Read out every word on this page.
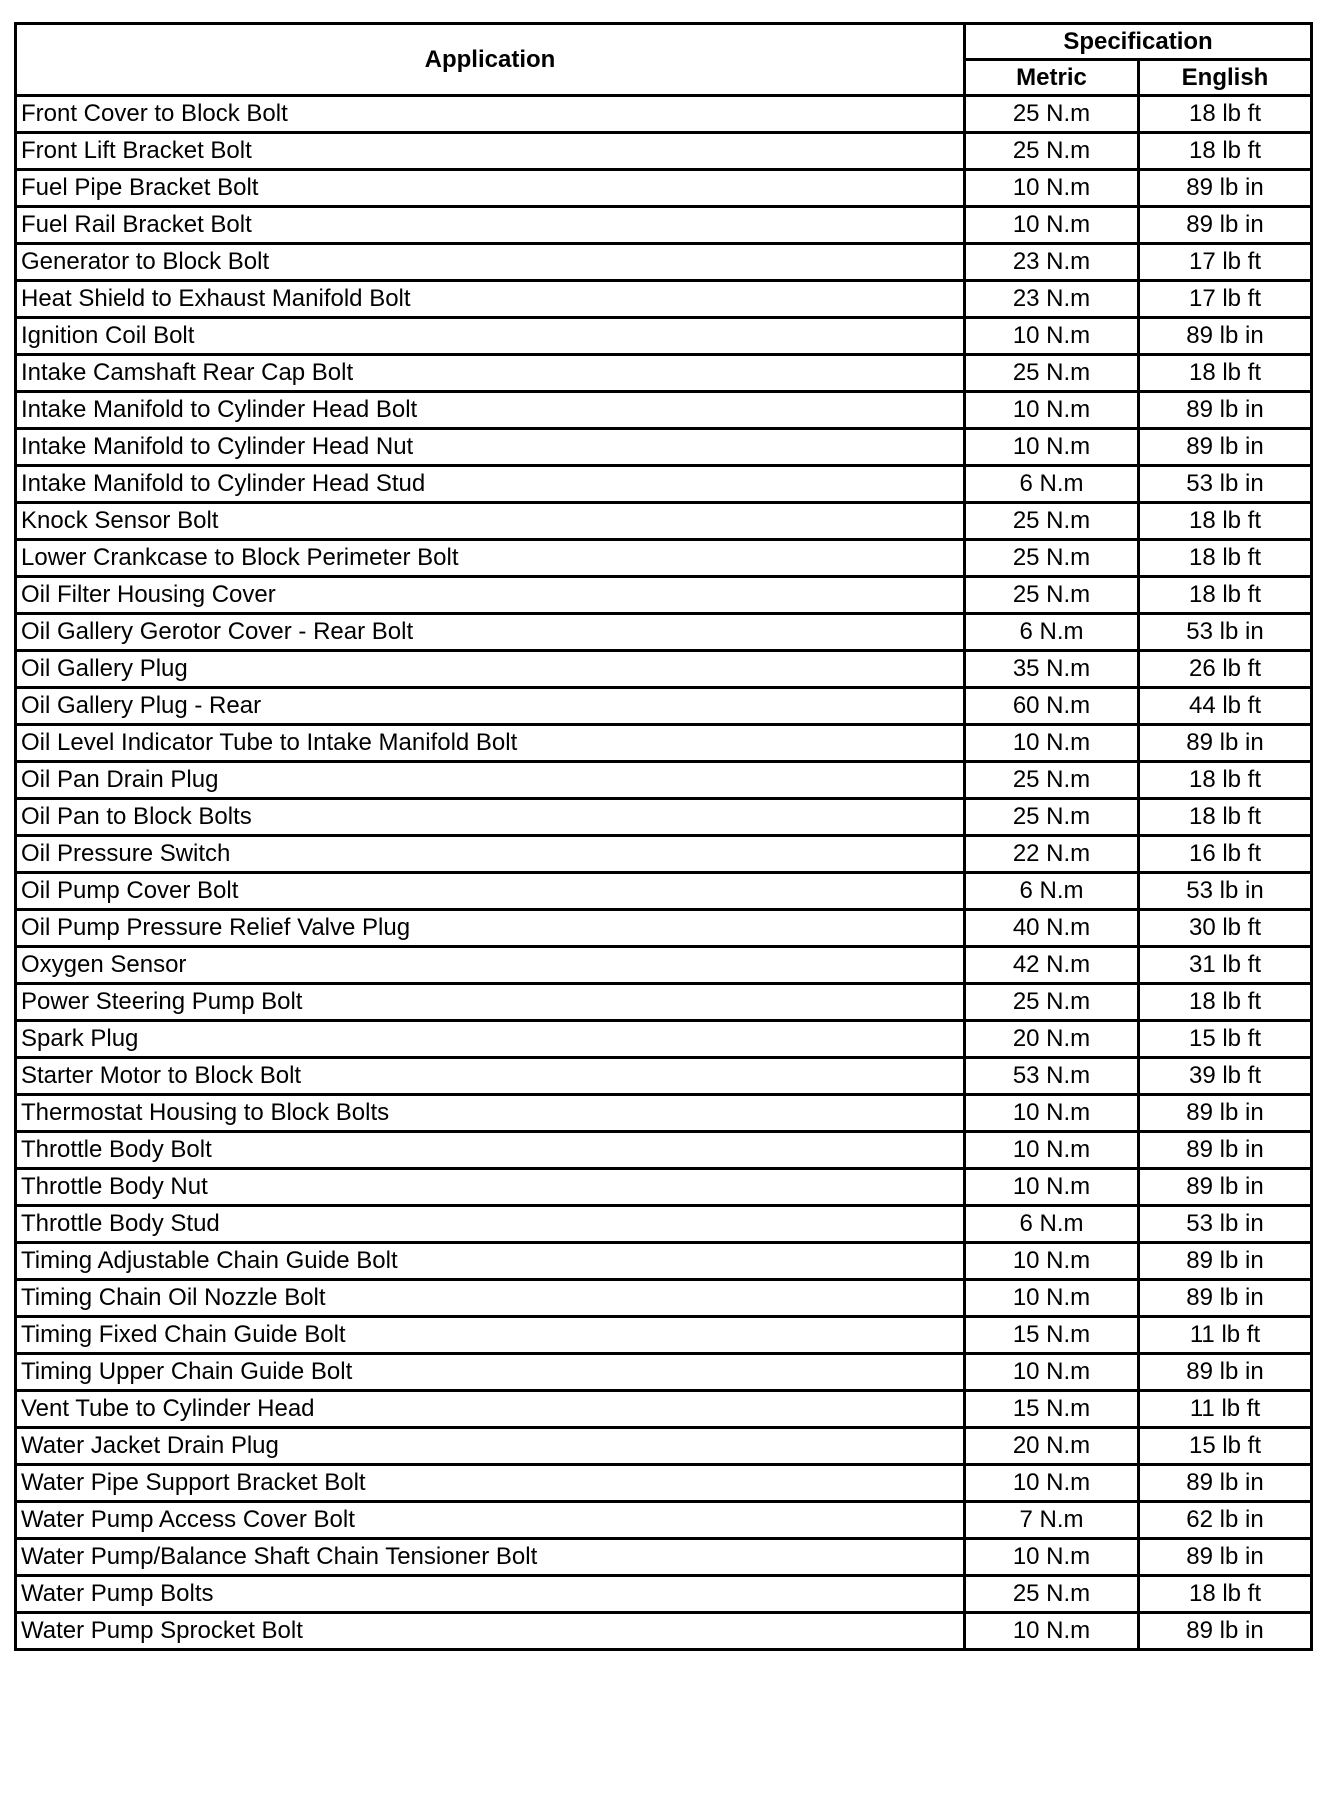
Application	Specification	
	Metric	English
Front Cover to Block Bolt	25 N.m	18 lb ft
Front Lift Bracket Bolt	25 N.m	18 lb ft
Fuel Pipe Bracket Bolt	10 N.m	89 lb in
Fuel Rail Bracket Bolt	10 N.m	89 lb in
Generator to Block Bolt	23 N.m	17 lb ft
Heat Shield to Exhaust Manifold Bolt	23 N.m	17 lb ft
Ignition Coil Bolt	10 N.m	89 lb in
Intake Camshaft Rear Cap Bolt	25 N.m	18 lb ft
Intake Manifold to Cylinder Head Bolt	10 N.m	89 lb in
Intake Manifold to Cylinder Head Nut	10 N.m	89 lb in
Intake Manifold to Cylinder Head Stud	6 N.m	53 lb in
Knock Sensor Bolt	25 N.m	18 lb ft
Lower Crankcase to Block Perimeter Bolt	25 N.m	18 lb ft
Oil Filter Housing Cover	25 N.m	18 lb ft
Oil Gallery Gerotor Cover - Rear Bolt	6 N.m	53 lb in
Oil Gallery Plug	35 N.m	26 lb ft
Oil Gallery Plug - Rear	60 N.m	44 lb ft
Oil Level Indicator Tube to Intake Manifold Bolt	10 N.m	89 lb in
Oil Pan Drain Plug	25 N.m	18 lb ft
Oil Pan to Block Bolts	25 N.m	18 lb ft
Oil Pressure Switch	22 N.m	16 lb ft
Oil Pump Cover Bolt	6 N.m	53 lb in
Oil Pump Pressure Relief Valve Plug	40 N.m	30 lb ft
Oxygen Sensor	42 N.m	31 lb ft
Power Steering Pump Bolt	25 N.m	18 lb ft
Spark Plug	20 N.m	15 lb ft
Starter Motor to Block Bolt	53 N.m	39 lb ft
Thermostat Housing to Block Bolts	10 N.m	89 lb in
Throttle Body Bolt	10 N.m	89 lb in
Throttle Body Nut	10 N.m	89 lb in
Throttle Body Stud	6 N.m	53 lb in
Timing Adjustable Chain Guide Bolt	10 N.m	89 lb in
Timing Chain Oil Nozzle Bolt	10 N.m	89 lb in
Timing Fixed Chain Guide Bolt	15 N.m	11 lb ft
Timing Upper Chain Guide Bolt	10 N.m	89 lb in
Vent Tube to Cylinder Head	15 N.m	11 lb ft
Water Jacket Drain Plug	20 N.m	15 lb ft
Water Pipe Support Bracket Bolt	10 N.m	89 lb in
Water Pump Access Cover Bolt	7 N.m	62 lb in
Water Pump/Balance Shaft Chain Tensioner Bolt	10 N.m	89 lb in
Water Pump Bolts	25 N.m	18 lb ft
Water Pump Sprocket Bolt	10 N.m	89 lb in
